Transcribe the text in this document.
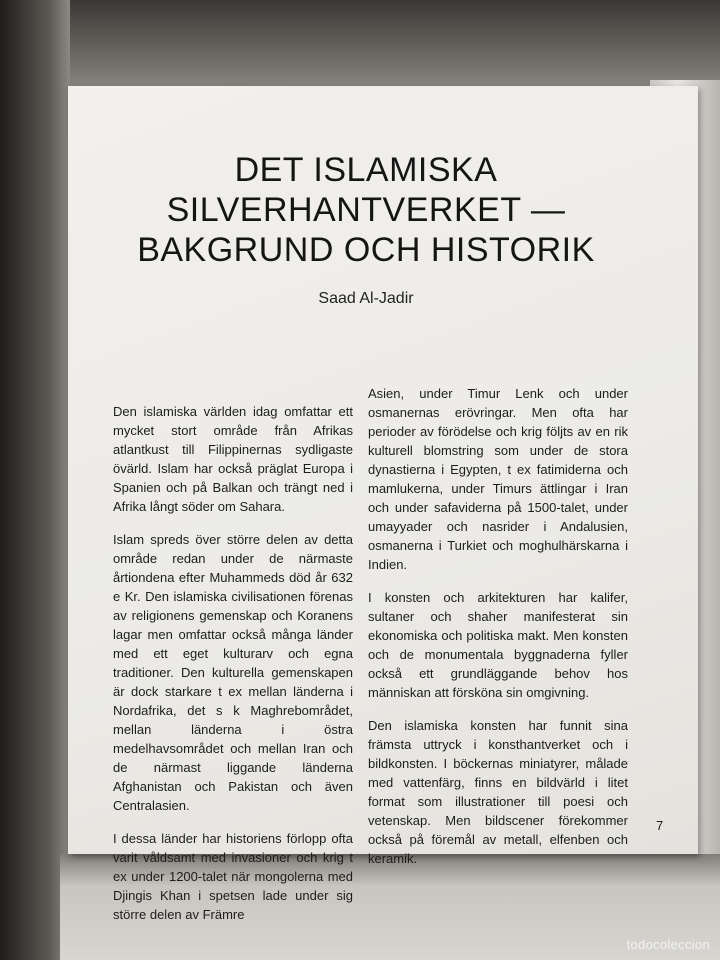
DET ISLAMISKA
SILVERHANTVERKET —
BAKGRUND OCH HISTORIK
Saad Al-Jadir

Den islamiska världen idag omfattar ett mycket stort område från Afrikas atlantkust till Filippinernas sydligaste övärld. Islam har också präglat Europa i Spanien och på Balkan och trängt ned i Afrika långt söder om Sahara.

Islam spreds över större delen av detta område redan under de närmaste årtiondena efter Muhammeds död år 632 e Kr. Den islamiska civilisationen förenas av religionens gemenskap och Koranens lagar men omfattar också många länder med ett eget kulturarv och egna traditioner. Den kulturella gemenskapen är dock starkare t ex mellan länderna i Nordafrika, det s k Maghrebområdet, mellan länderna i östra medelhavsområdet och mellan Iran och de närmast liggande länderna Afghanistan och Pakistan och även Centralasien.

I dessa länder har historiens förlopp ofta varit våldsamt med invasioner och krig t ex under 1200-talet när mongolerna med Djingis Khan i spetsen lade under sig större delen av Främre

Asien, under Timur Lenk och under osmanernas erövringar. Men ofta har perioder av förödelse och krig följts av en rik kulturell blomstring som under de stora dynastierna i Egypten, t ex fatimiderna och mamlukerna, under Timurs ättlingar i Iran och under safaviderna på 1500-talet, under umayyader och nasrider i Andalusien, osmanerna i Turkiet och moghulhärskarna i Indien.

I konsten och arkitekturen har kalifer, sultaner och shaher manifesterat sin ekonomiska och politiska makt. Men konsten och de monumentala byggnaderna fyller också ett grundläggande behov hos människan att försköna sin omgivning.

Den islamiska konsten har funnit sina främsta uttryck i konsthantverket och i bildkonsten. I böckernas miniatyrer, målade med vattenfärg, finns en bildvärld i litet format som illustrationer till poesi och vetenskap. Men bildscener förekommer också på föremål av metall, elfenben och keramik.

7
todocoleccion
